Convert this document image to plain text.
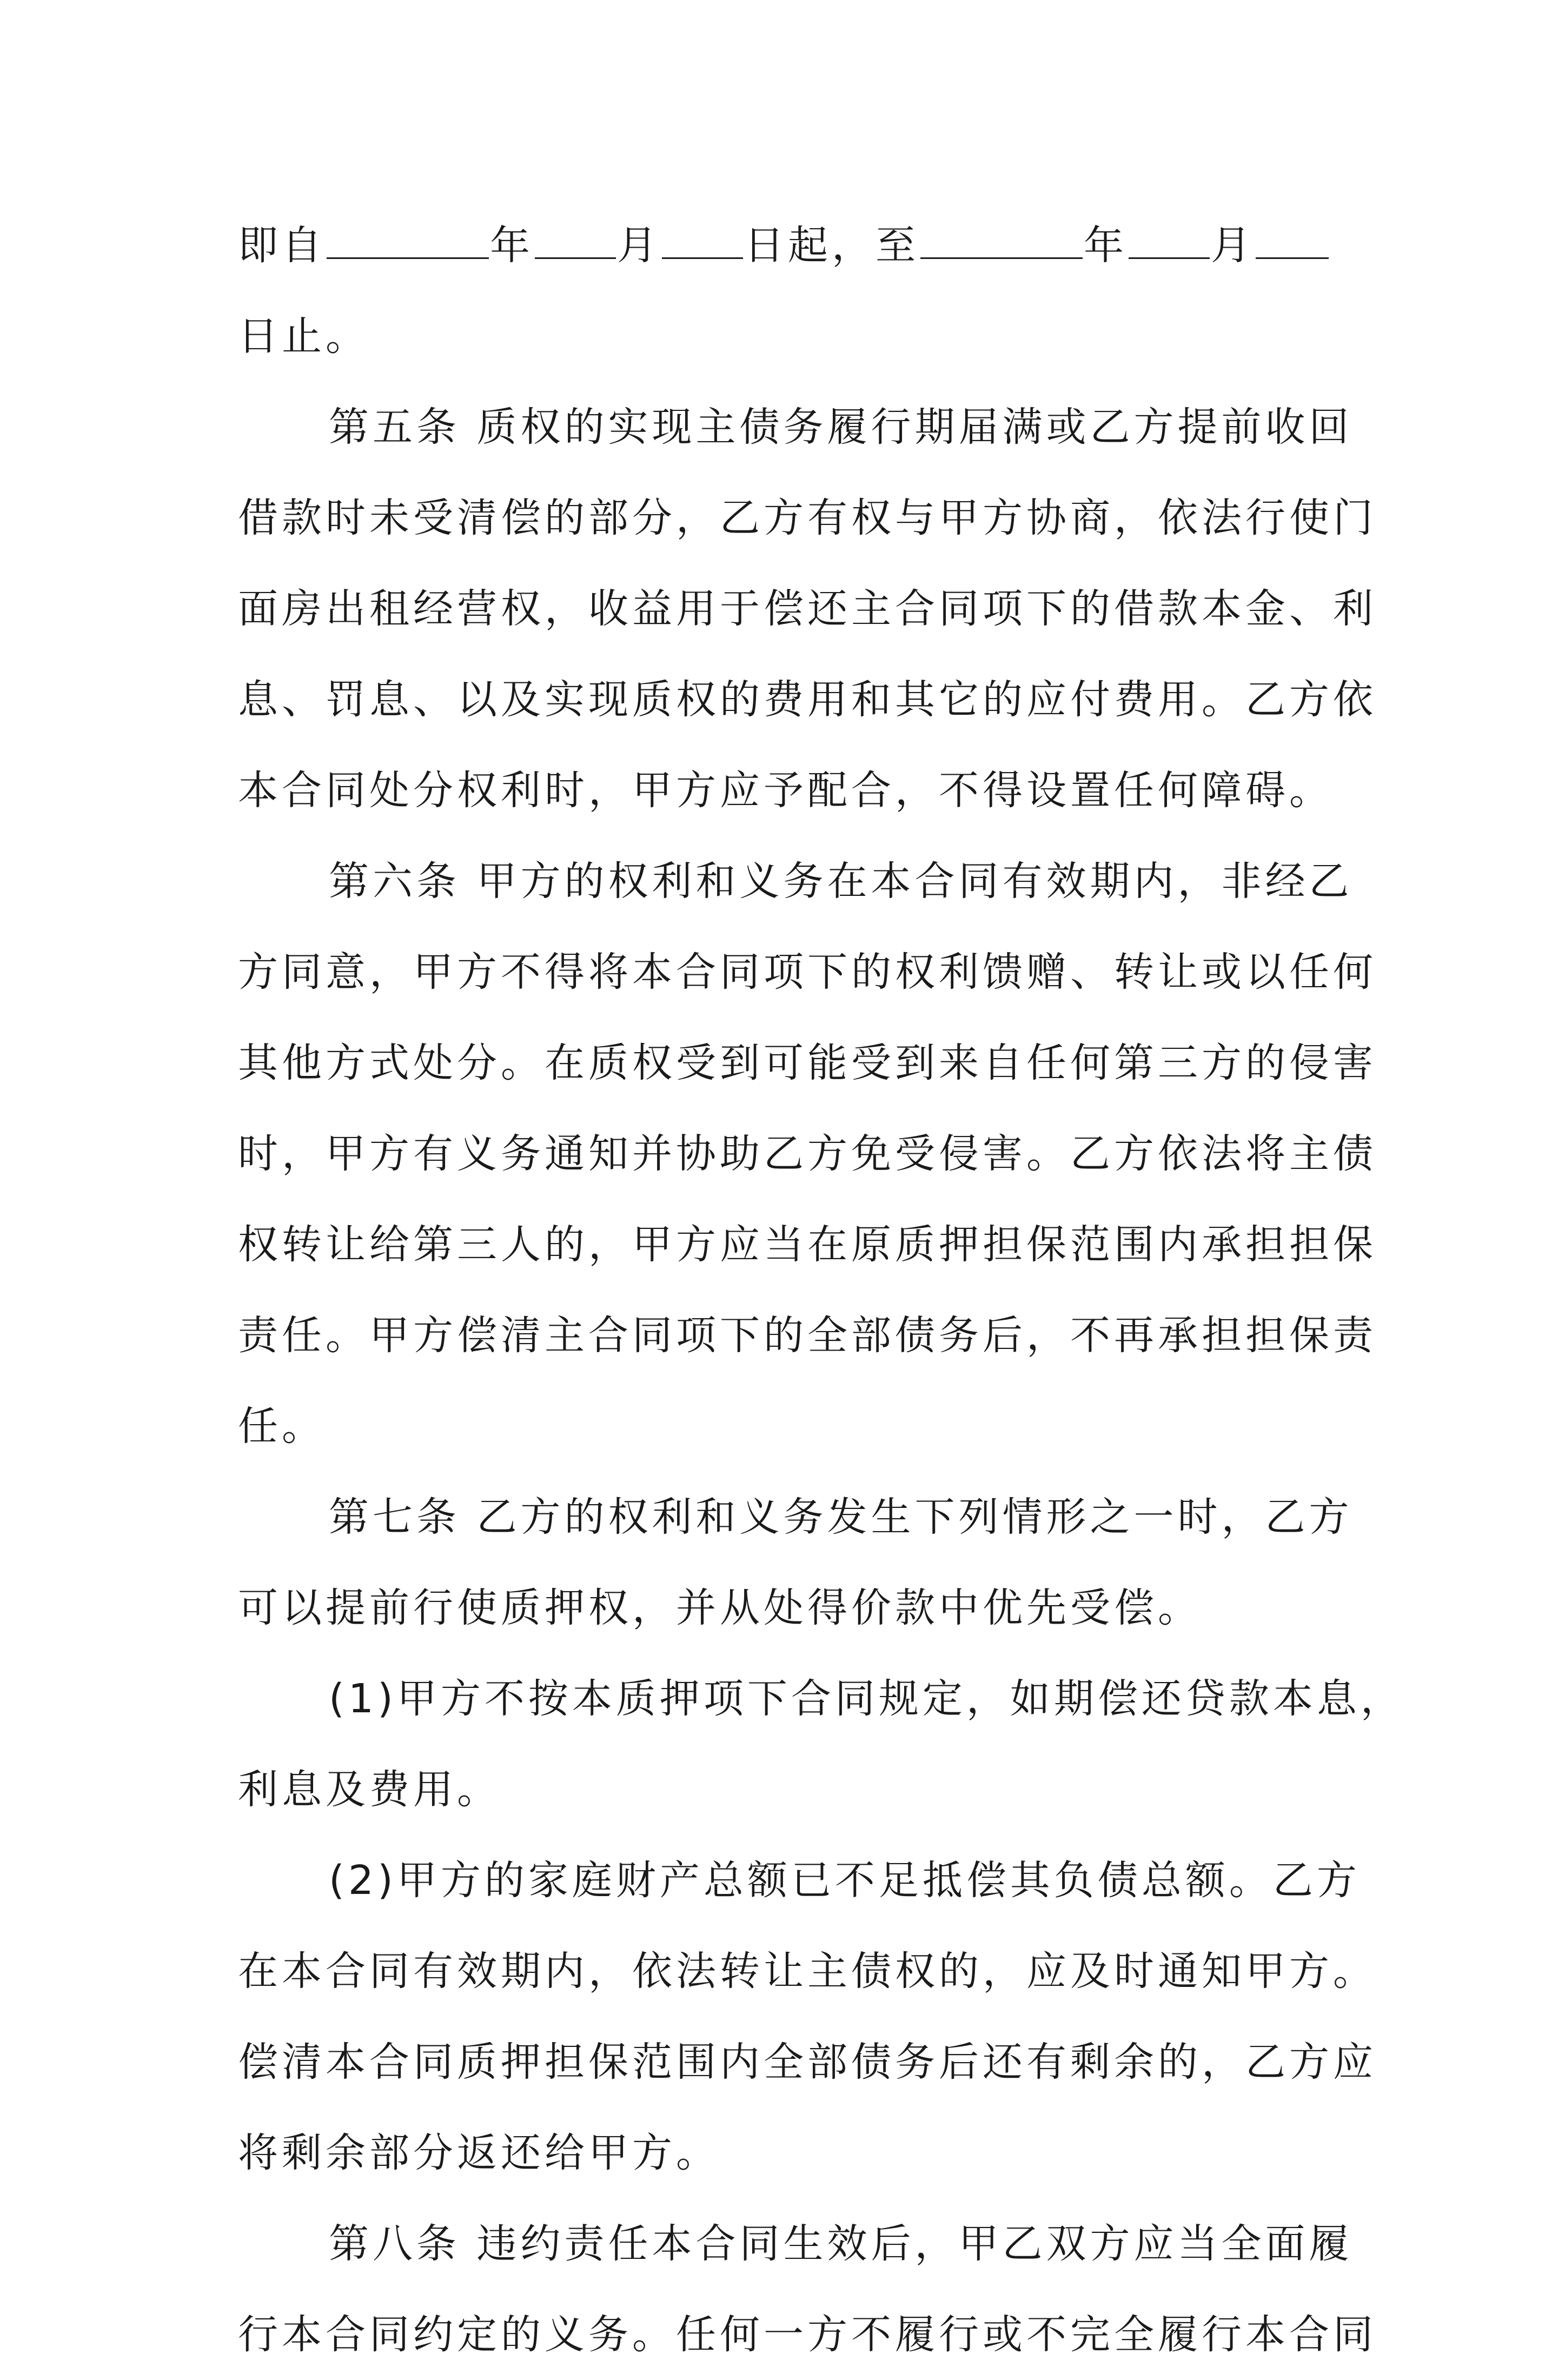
即自	年 月 日起，至	年 月
日止。
第五条 质权的实现主债务履行期届满或乙方提前收回
借款时未受清偿的部分，乙方有权与甲方协商，依法行使门
面房出租经营权，收益用于偿还主合同项下的借款本金、利
息、罚息、以及实现质权的费用和其它的应付费用。乙方依
本合同处分权利时，甲方应予配合，不得设置任何障碍。
第六条 甲方的权利和义务在本合同有效期内，非经乙
方同意，甲方不得将本合同项下的权利馈赠、转让或以任何
其他方式处分。在质权受到可能受到来自任何第三方的侵害
时，甲方有义务通知并协助乙方免受侵害。乙方依法将主债
权转让给第三人的，甲方应当在原质押担保范围内承担担保
责任。甲方偿清主合同项下的全部债务后，不再承担担保责
任。
第七条 乙方的权利和义务发生下列情形之一时，乙方
可以提前行使质押权，并从处得价款中优先受偿。
(1)甲方不按本质押项下合同规定，如期偿还贷款本息，
利息及费用。
(2)甲方的家庭财产总额已不足抵偿其负债总额。乙方
在本合同有效期内，依法转让主债权的，应及时通知甲方。
偿清本合同质押担保范围内全部债务后还有剩余的，乙方应
将剩余部分返还给甲方。
第八条 违约责任本合同生效后，甲乙双方应当全面履
行本合同约定的义务。任何一方不履行或不完全履行本合同
